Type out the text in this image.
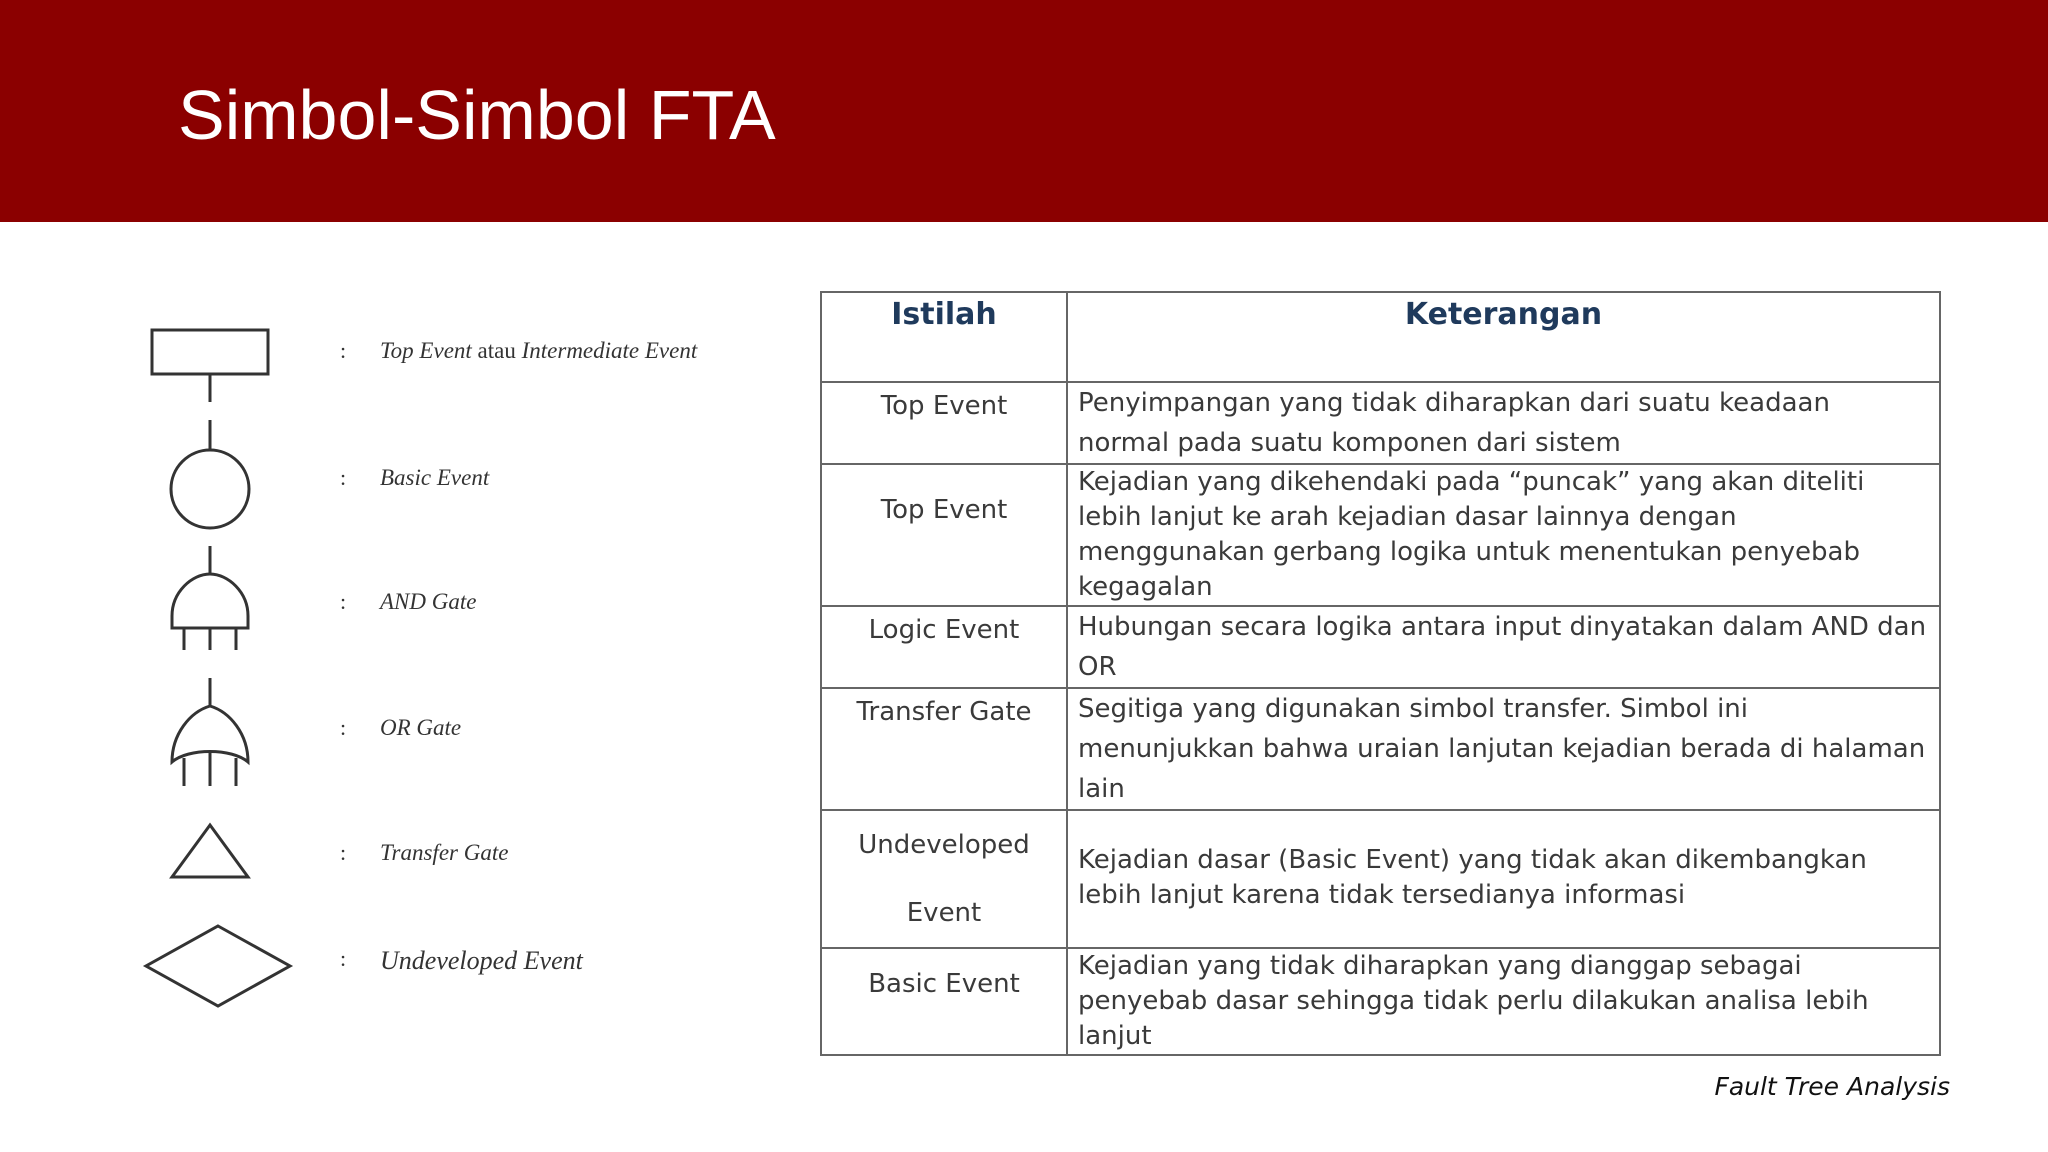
Simbol-Simbol FTA
: Top Event atau Intermediate Event
: Basic Event
: AND Gate
: OR Gate
: Transfer Gate
: Undeveloped Event
Istilah	Keterangan
Top Event	Penyimpangan yang tidak diharapkan dari suatu keadaan normal pada suatu komponen dari sistem
Top Event	Kejadian yang dikehendaki pada “puncak” yang akan diteliti lebih lanjut ke arah kejadian dasar lainnya dengan menggunakan gerbang logika untuk menentukan penyebab kegagalan
Logic Event	Hubungan secara logika antara input dinyatakan dalam AND dan OR
Transfer Gate	Segitiga yang digunakan simbol transfer. Simbol ini menunjukkan bahwa uraian lanjutan kejadian berada di halaman lain

Undeveloped
Event	Kejadian dasar (Basic Event) yang tidak akan dikembangkan lebih lanjut karena tidak tersedianya informasi
Basic Event	Kejadian yang tidak diharapkan yang dianggap sebagai penyebab dasar sehingga tidak perlu dilakukan analisa lebih lanjut
Fault Tree Analysis
